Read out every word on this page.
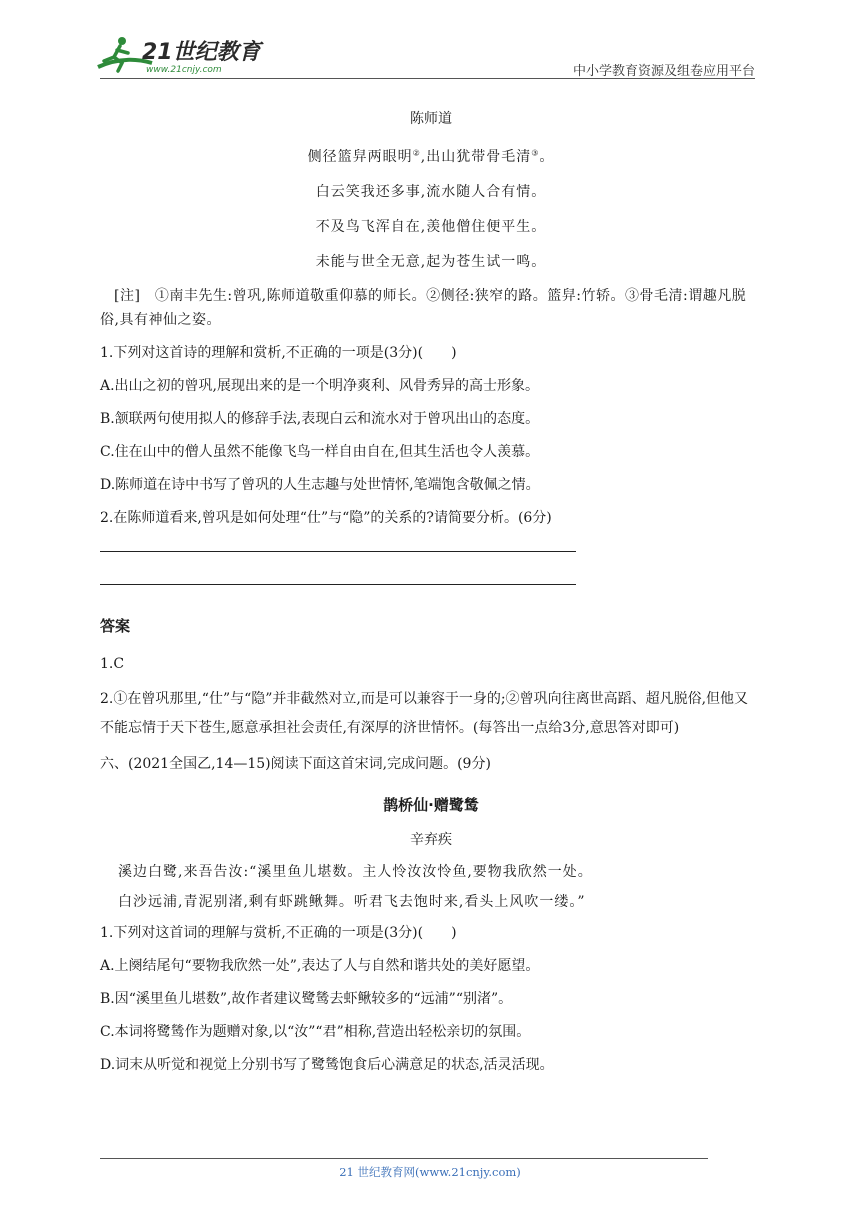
21世纪教育
www.21cnjy.com	中小学教育资源及组卷应用平台
陈师道
侧径篮舁两眼明②,出山犹带骨毛清③。
白云笑我还多事,流水随人合有情。
不及鸟飞浑自在,羡他僧住便平生。
未能与世全无意,起为苍生试一鸣。

[注]　①南丰先生:曾巩,陈师道敬重仰慕的师长。②侧径:狭窄的路。篮舁:竹轿。③骨毛清:谓趣凡脱俗,具有神仙之姿。

1.下列对这首诗的理解和赏析,不正确的一项是(3分)(　　)

A.出山之初的曾巩,展现出来的是一个明净爽利、风骨秀异的高士形象。

B.颔联两句使用拟人的修辞手法,表现白云和流水对于曾巩出山的态度。

C.住在山中的僧人虽然不能像飞鸟一样自由自在,但其生活也令人羡慕。

D.陈师道在诗中书写了曾巩的人生志趣与处世情怀,笔端饱含敬佩之情。

2.在陈师道看来,曾巩是如何处理“仕”与“隐”的关系的?请简要分析。(6分)

答案

1.C

2.①在曾巩那里,“仕”与“隐”并非截然对立,而是可以兼容于一身的;②曾巩向往离世高蹈、超凡脱俗,但他又不能忘情于天下苍生,愿意承担社会责任,有深厚的济世情怀。(每答出一点给3分,意思答对即可)

六、(2021全国乙,14—15)阅读下面这首宋词,完成问题。(9分)

鹊桥仙·赠鹭鸶
辛弃疾
溪边白鹭,来吾告汝:“溪里鱼儿堪数。主人怜汝汝怜鱼,要物我欣然一处。
白沙远浦,青泥别渚,剩有虾跳鳅舞。听君飞去饱时来,看头上风吹一缕。”

1.下列对这首词的理解与赏析,不正确的一项是(3分)(　　)

A.上阕结尾句“要物我欣然一处”,表达了人与自然和谐共处的美好愿望。

B.因“溪里鱼儿堪数”,故作者建议鹭鸶去虾鳅较多的“远浦”“别渚”。

C.本词将鹭鸶作为题赠对象,以“汝”“君”相称,营造出轻松亲切的氛围。

D.词末从听觉和视觉上分别书写了鹭鸶饱食后心满意足的状态,活灵活现。

21 世纪教育网(www.21cnjy.com)
